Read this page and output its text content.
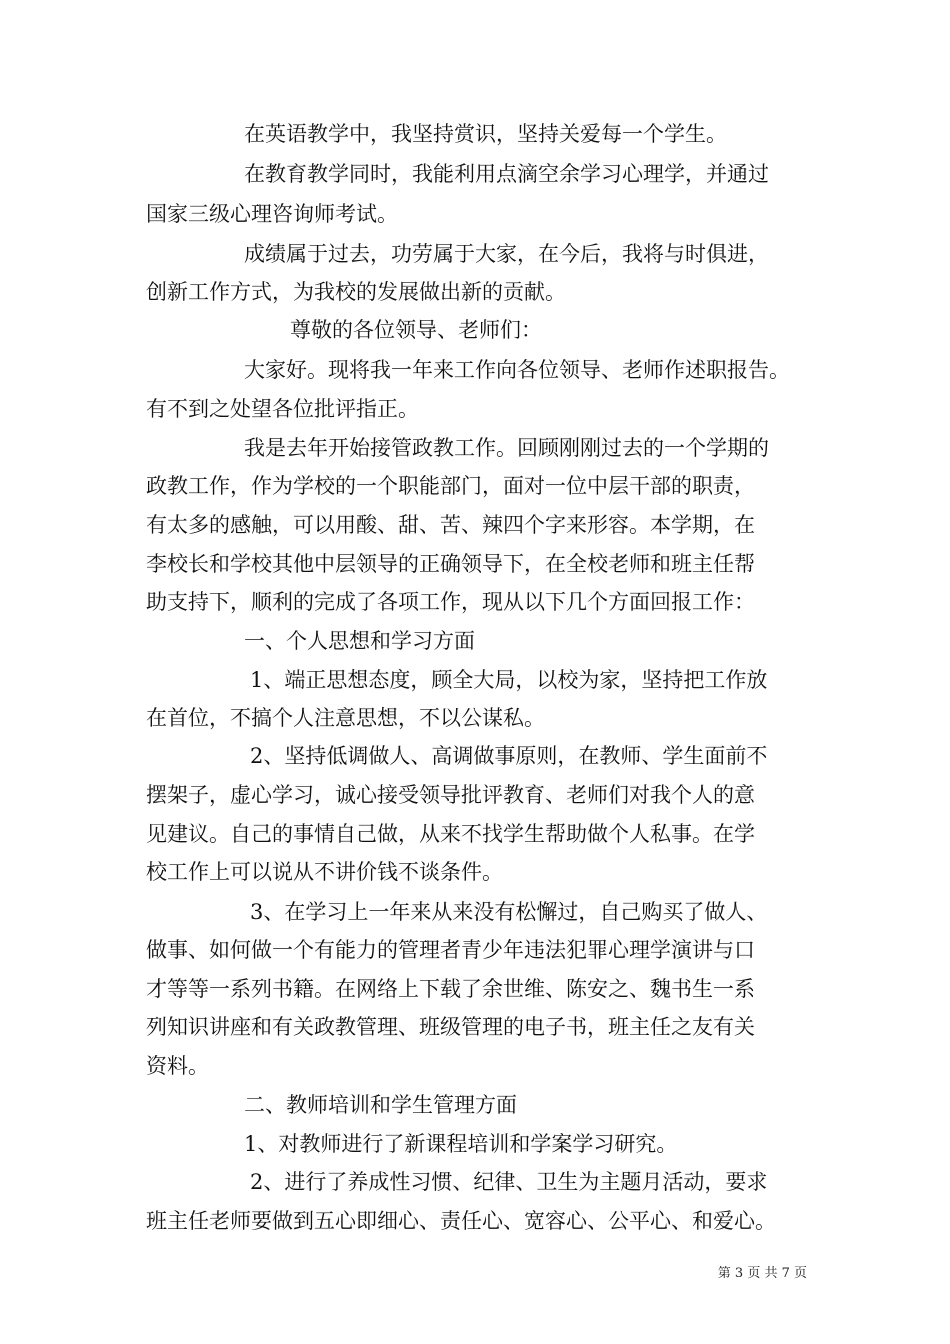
在英语教学中，我坚持赏识，坚持关爱每一个学生。

在教育教学同时，我能利用点滴空余学习心理学，并通过

国家三级心理咨询师考试。

成绩属于过去，功劳属于大家，在今后，我将与时俱进，

创新工作方式，为我校的发展做出新的贡献。

尊敬的各位领导、老师们：

大家好。现将我一年来工作向各位领导、老师作述职报告。

有不到之处望各位批评指正。

我是去年开始接管政教工作。回顾刚刚过去的一个学期的

政教工作，作为学校的一个职能部门，面对一位中层干部的职责，

有太多的感触，可以用酸、甜、苦、辣四个字来形容。本学期，在

李校长和学校其他中层领导的正确领导下，在全校老师和班主任帮

助支持下，顺利的完成了各项工作，现从以下几个方面回报工作：

一、个人思想和学习方面

1、端正思想态度，顾全大局，以校为家，坚持把工作放

在首位，不搞个人注意思想，不以公谋私。

2、坚持低调做人、高调做事原则，在教师、学生面前不

摆架子，虚心学习，诚心接受领导批评教育、老师们对我个人的意

见建议。自己的事情自己做，从来不找学生帮助做个人私事。在学

校工作上可以说从不讲价钱不谈条件。

3、在学习上一年来从来没有松懈过，自己购买了做人、

做事、如何做一个有能力的管理者青少年违法犯罪心理学演讲与口

才等等一系列书籍。在网络上下载了余世维、陈安之、魏书生一系

列知识讲座和有关政教管理、班级管理的电子书，班主任之友有关

资料。

二、教师培训和学生管理方面

1、对教师进行了新课程培训和学案学习研究。

2、进行了养成性习惯、纪律、卫生为主题月活动，要求

班主任老师要做到五心即细心、责任心、宽容心、公平心、和爱心。

第 3 页 共 7 页
